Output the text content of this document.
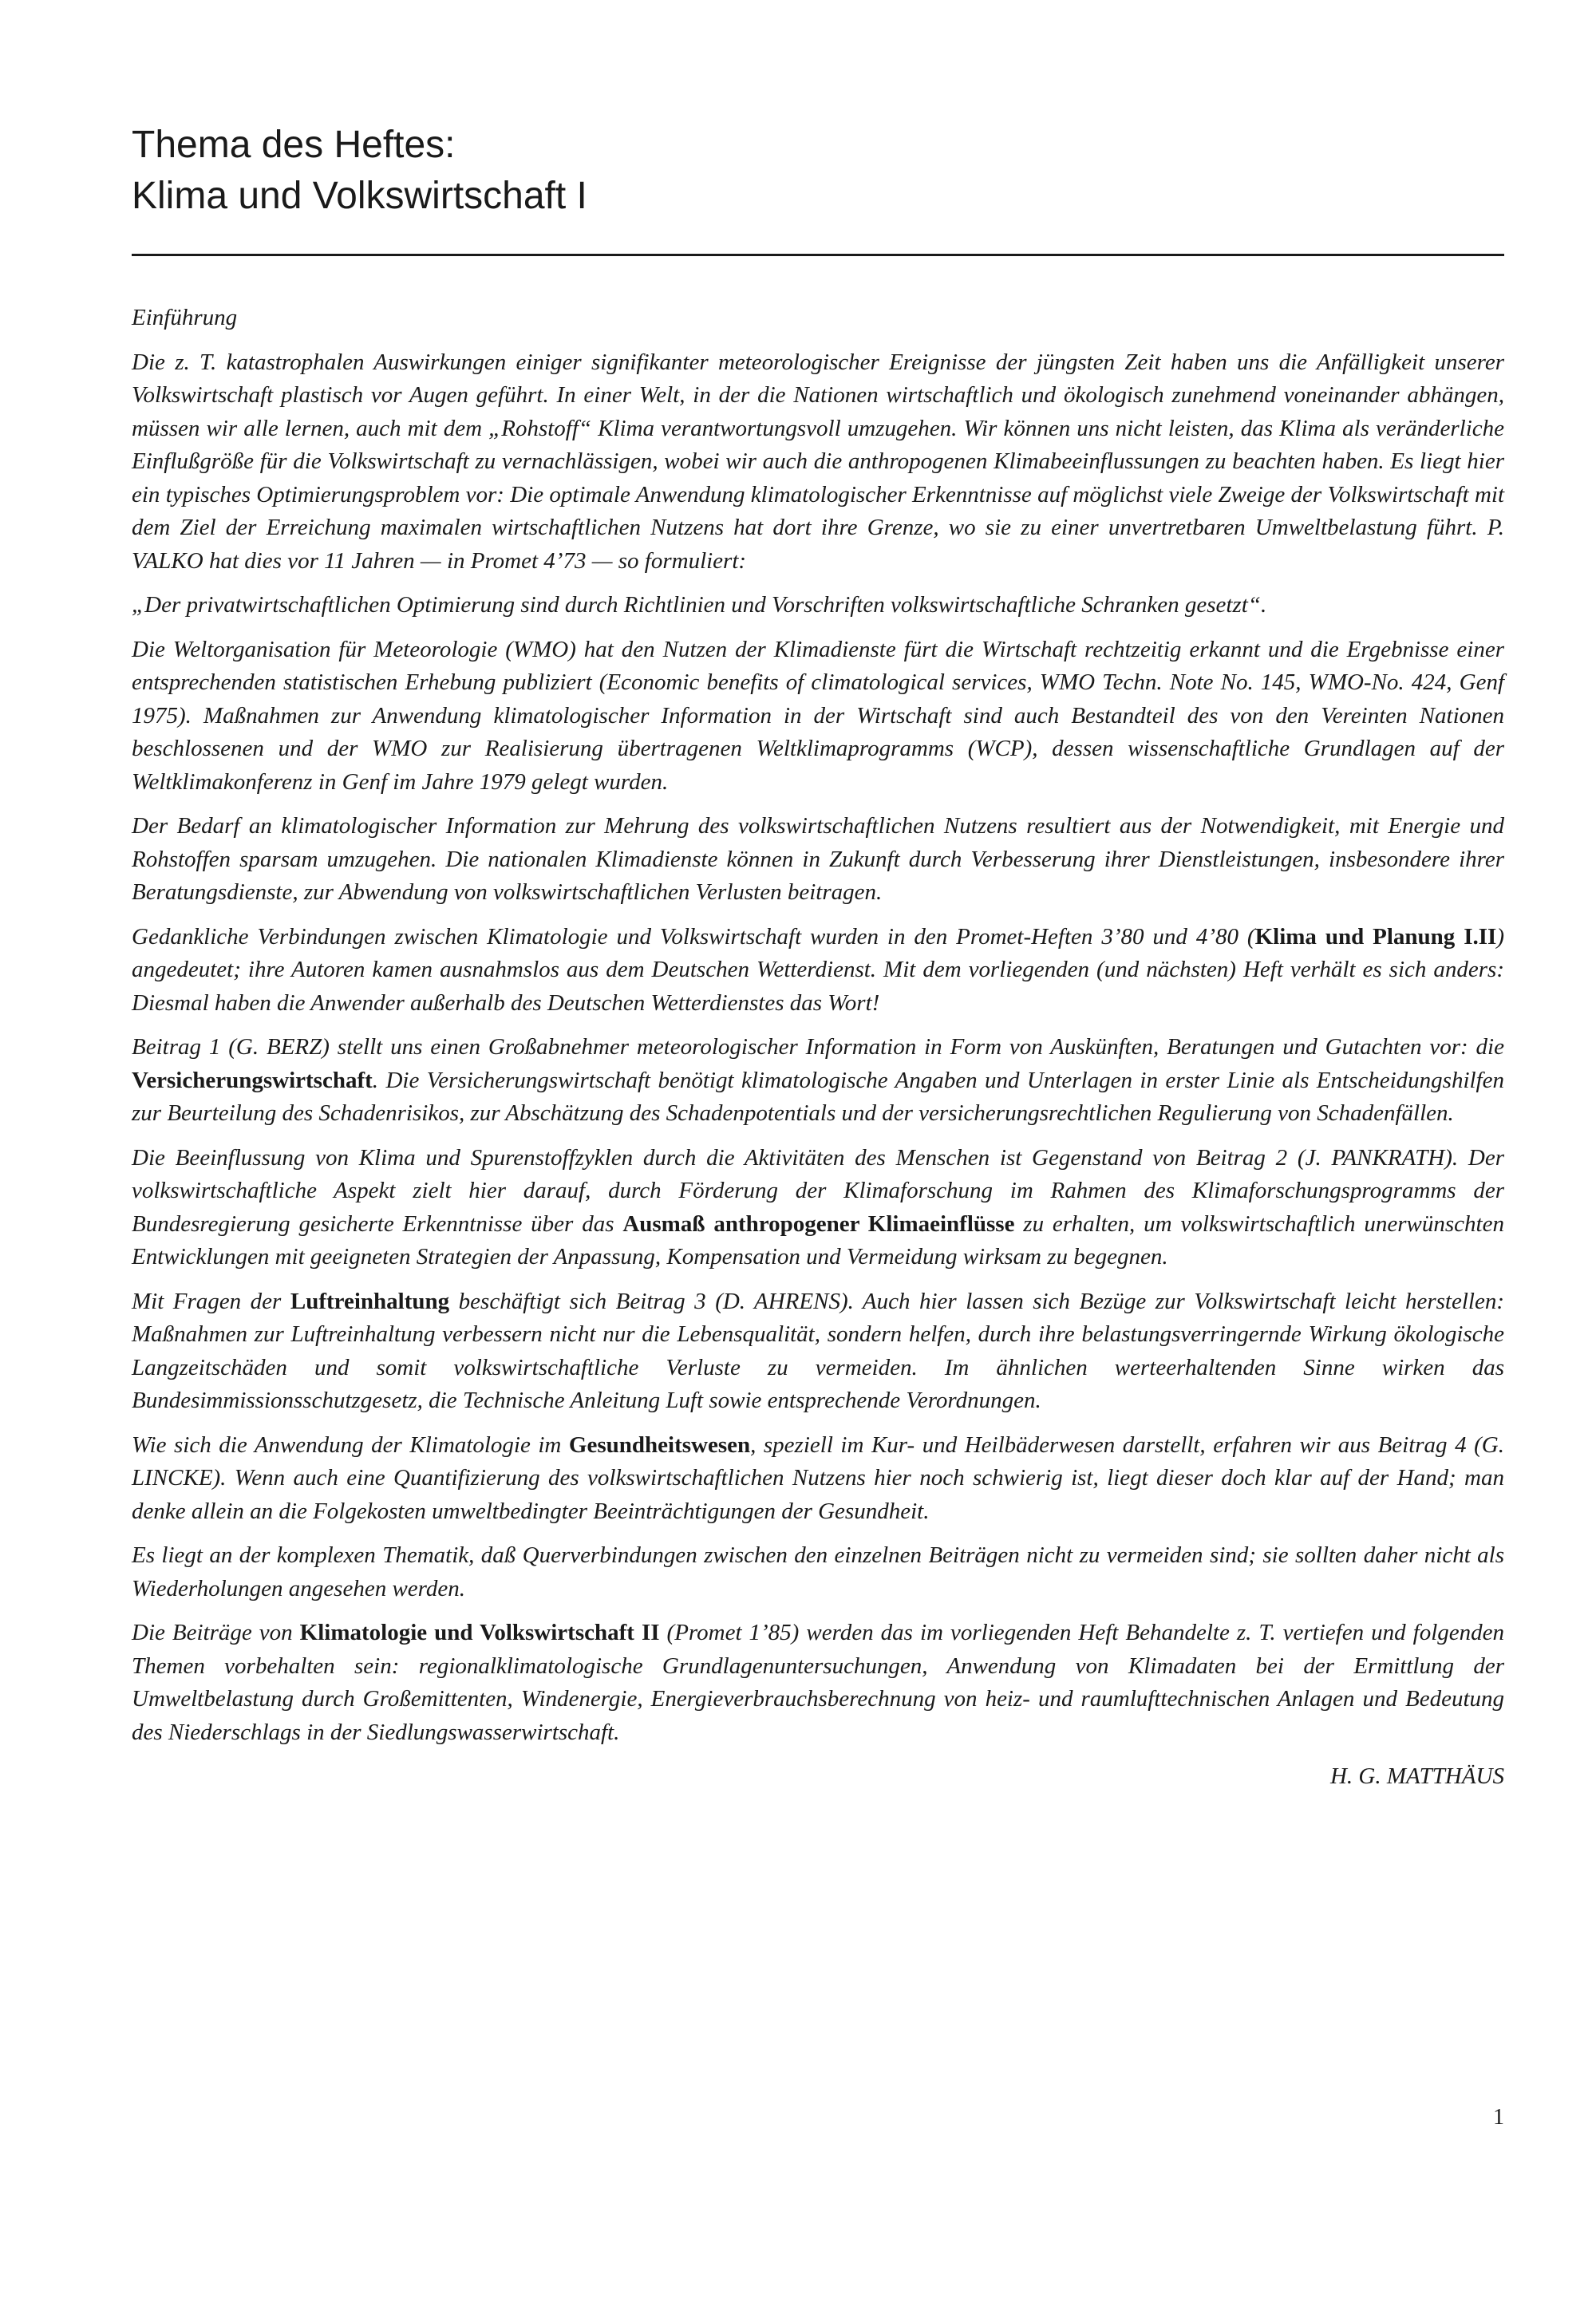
Thema des Heftes:
Klima und Volkswirtschaft I

Einführung

Die z. T. katastrophalen Auswirkungen einiger signifikanter meteorologischer Ereignisse der jüngsten Zeit haben uns die Anfälligkeit unserer Volkswirtschaft plastisch vor Augen geführt. In einer Welt, in der die Nationen wirtschaftlich und ökologisch zunehmend voneinander abhängen, müssen wir alle lernen, auch mit dem „Rohstoff“ Klima verantwortungsvoll umzugehen. Wir können uns nicht leisten, das Klima als veränderliche Einflußgröße für die Volkswirtschaft zu vernachlässigen, wobei wir auch die anthropogenen Klimabeeinflussungen zu beachten haben. Es liegt hier ein typisches Optimierungsproblem vor: Die optimale Anwendung klimatologischer Erkenntnisse auf möglichst viele Zweige der Volkswirtschaft mit dem Ziel der Erreichung maximalen wirtschaftlichen Nutzens hat dort ihre Grenze, wo sie zu einer unvertretbaren Umweltbelastung führt. P. VALKO hat dies vor 11 Jahren — in Promet 4’73 — so formuliert:

„Der privatwirtschaftlichen Optimierung sind durch Richtlinien und Vorschriften volkswirtschaftliche Schranken gesetzt“.

Die Weltorganisation für Meteorologie (WMO) hat den Nutzen der Klimadienste fürt die Wirtschaft rechtzeitig erkannt und die Ergebnisse einer entsprechenden statistischen Erhebung publiziert (Economic benefits of climatological services, WMO Techn. Note No. 145, WMO-No. 424, Genf 1975). Maßnahmen zur Anwendung klimatologischer Information in der Wirtschaft sind auch Bestandteil des von den Vereinten Nationen beschlossenen und der WMO zur Realisierung übertragenen Weltklimaprogramms (WCP), dessen wissenschaftliche Grundlagen auf der Weltklimakonferenz in Genf im Jahre 1979 gelegt wurden.

Der Bedarf an klimatologischer Information zur Mehrung des volkswirtschaftlichen Nutzens resultiert aus der Notwendigkeit, mit Energie und Rohstoffen sparsam umzugehen. Die nationalen Klimadienste können in Zukunft durch Verbesserung ihrer Dienstleistungen, insbesondere ihrer Beratungsdienste, zur Abwendung von volkswirtschaftlichen Verlusten beitragen.

Gedankliche Verbindungen zwischen Klimatologie und Volkswirtschaft wurden in den Promet-Heften 3’80 und 4’80 (Klima und Planung I.II) angedeutet; ihre Autoren kamen ausnahmslos aus dem Deutschen Wetterdienst. Mit dem vorliegenden (und nächsten) Heft verhält es sich anders: Diesmal haben die Anwender außerhalb des Deutschen Wetterdienstes das Wort!

Beitrag 1 (G. BERZ) stellt uns einen Großabnehmer meteorologischer Information in Form von Auskünften, Beratungen und Gutachten vor: die Versicherungswirtschaft. Die Versicherungswirtschaft benötigt klimatologische Angaben und Unterlagen in erster Linie als Entscheidungshilfen zur Beurteilung des Schadenrisikos, zur Abschätzung des Schadenpotentials und der versicherungsrechtlichen Regulierung von Schadenfällen.

Die Beeinflussung von Klima und Spurenstoffzyklen durch die Aktivitäten des Menschen ist Gegenstand von Beitrag 2 (J. PANKRATH). Der volkswirtschaftliche Aspekt zielt hier darauf, durch Förderung der Klimaforschung im Rahmen des Klimaforschungsprogramms der Bundesregierung gesicherte Erkenntnisse über das Ausmaß anthropogener Klimaeinflüsse zu erhalten, um volkswirtschaftlich unerwünschten Entwicklungen mit geeigneten Strategien der Anpassung, Kompensation und Vermeidung wirksam zu begegnen.

Mit Fragen der Luftreinhaltung beschäftigt sich Beitrag 3 (D. AHRENS). Auch hier lassen sich Bezüge zur Volkswirtschaft leicht herstellen: Maßnahmen zur Luftreinhaltung verbessern nicht nur die Lebensqualität, sondern helfen, durch ihre belastungsverringernde Wirkung ökologische Langzeitschäden und somit volkswirtschaftliche Verluste zu vermeiden. Im ähnlichen werteerhaltenden Sinne wirken das Bundesimmissionsschutzgesetz, die Technische Anleitung Luft sowie entsprechende Verordnungen.

Wie sich die Anwendung der Klimatologie im Gesundheitswesen, speziell im Kur- und Heilbäderwesen darstellt, erfahren wir aus Beitrag 4 (G. LINCKE). Wenn auch eine Quantifizierung des volkswirtschaftlichen Nutzens hier noch schwierig ist, liegt dieser doch klar auf der Hand; man denke allein an die Folgekosten umweltbedingter Beeinträchtigungen der Gesundheit.

Es liegt an der komplexen Thematik, daß Querverbindungen zwischen den einzelnen Beiträgen nicht zu vermeiden sind; sie sollten daher nicht als Wiederholungen angesehen werden.

Die Beiträge von Klimatologie und Volkswirtschaft II (Promet 1’85) werden das im vorliegenden Heft Behandelte z. T. vertiefen und folgenden Themen vorbehalten sein: regionalklimatologische Grundlagenuntersuchungen, Anwendung von Klimadaten bei der Ermittlung der Umweltbelastung durch Großemittenten, Windenergie, Energieverbrauchsberechnung von heiz- und raumlufttechnischen Anlagen und Bedeutung des Niederschlags in der Siedlungswasserwirtschaft.

H. G. MATTHÄUS

1
